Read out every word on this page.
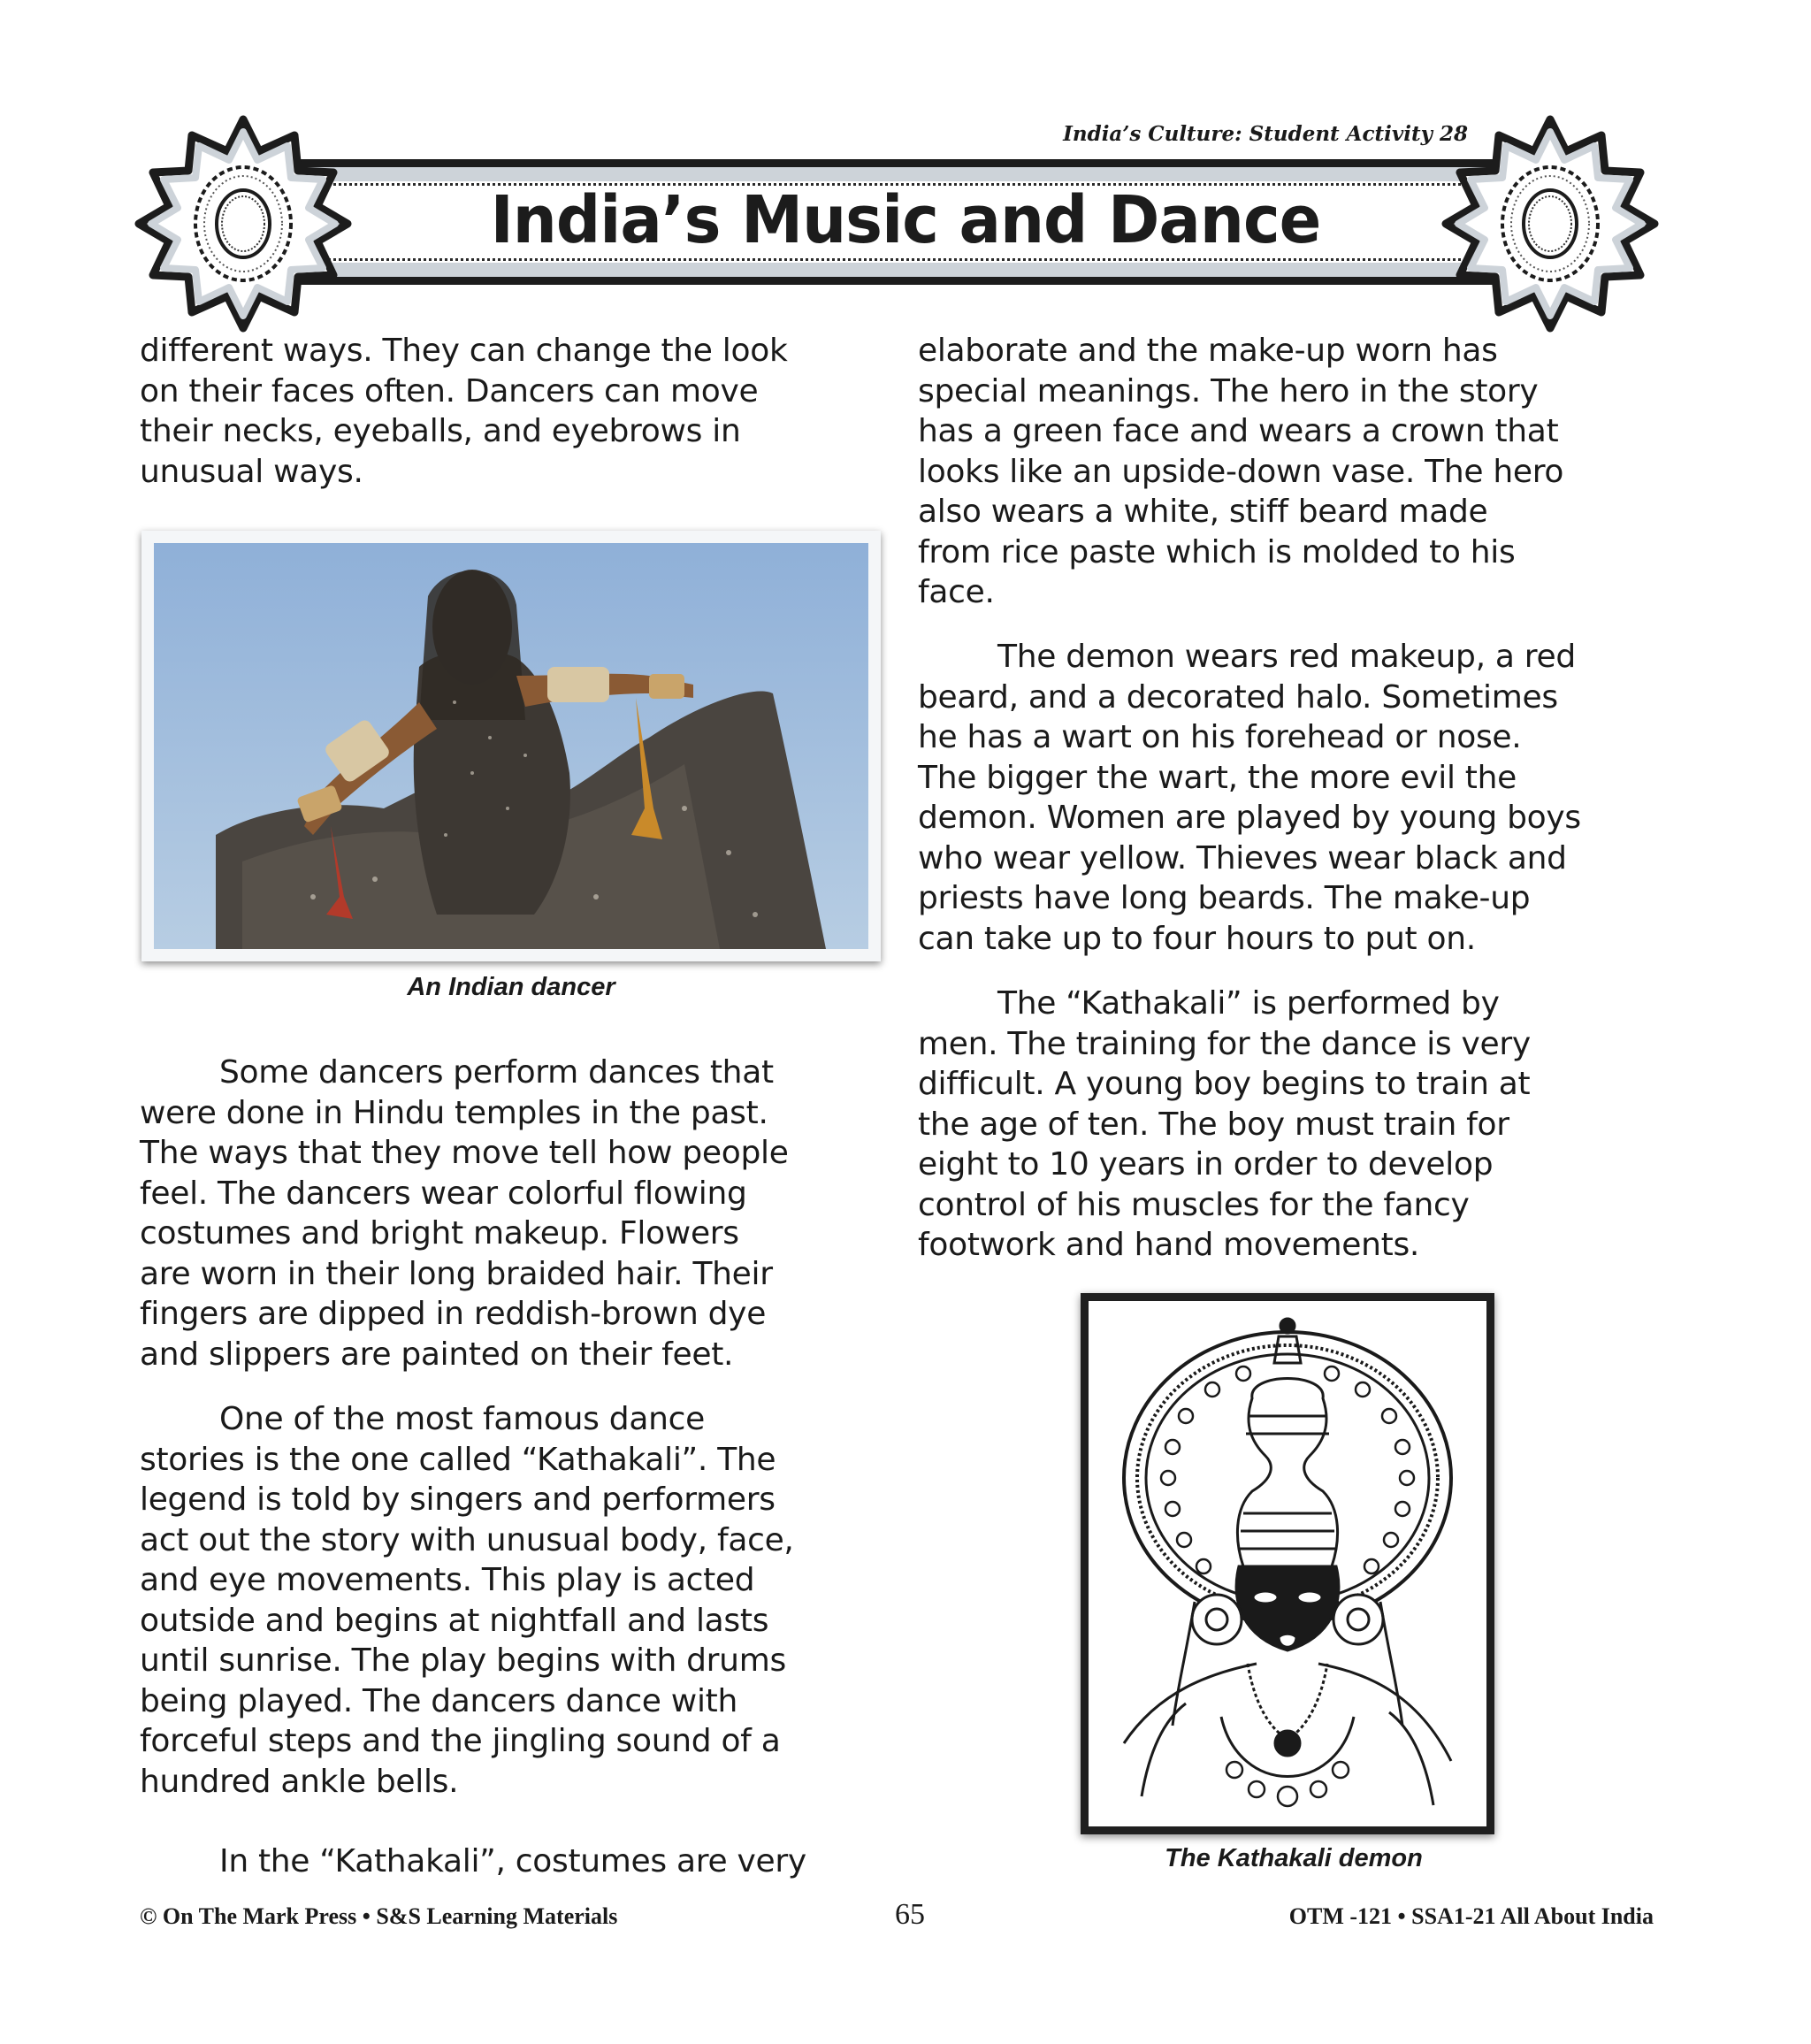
India’s Culture: Student Activity 28
India’s Music and Dance
different ways. They can change the look
on their faces often. Dancers can move
their necks, eyeballs, and eyebrows in
unusual ways.
An Indian dancer
Some dancers perform dances that
were done in Hindu temples in the past.
The ways that they move tell how people
feel. The dancers wear colorful flowing
costumes and bright makeup. Flowers
are worn in their long braided hair. Their
fingers are dipped in reddish-brown dye
and slippers are painted on their feet.
One of the most famous dance
stories is the one called “Kathakali”. The
legend is told by singers and performers
act out the story with unusual body, face,
and eye movements. This play is acted
outside and begins at nightfall and lasts
until sunrise. The play begins with drums
being played. The dancers dance with
forceful steps and the jingling sound of a
hundred ankle bells.
In the “Kathakali”, costumes are very
elaborate and the make-up worn has
special meanings. The hero in the story
has a green face and wears a crown that
looks like an upside-down vase. The hero
also wears a white, stiff beard made
from rice paste which is molded to his
face.
The demon wears red makeup, a red
beard, and a decorated halo. Sometimes
he has a wart on his forehead or nose.
The bigger the wart, the more evil the
demon. Women are played by young boys
who wear yellow. Thieves wear black and
priests have long beards. The make-up
can take up to four hours to put on.
The “Kathakali” is performed by
men. The training for the dance is very
difficult. A young boy begins to train at
the age of ten. The boy must train for
eight to 10 years in order to develop
control of his muscles for the fancy
footwork and hand movements.
The Kathakali demon
© On The Mark Press • S&S Learning Materials	65	OTM -121 • SSA1-21 All About India
